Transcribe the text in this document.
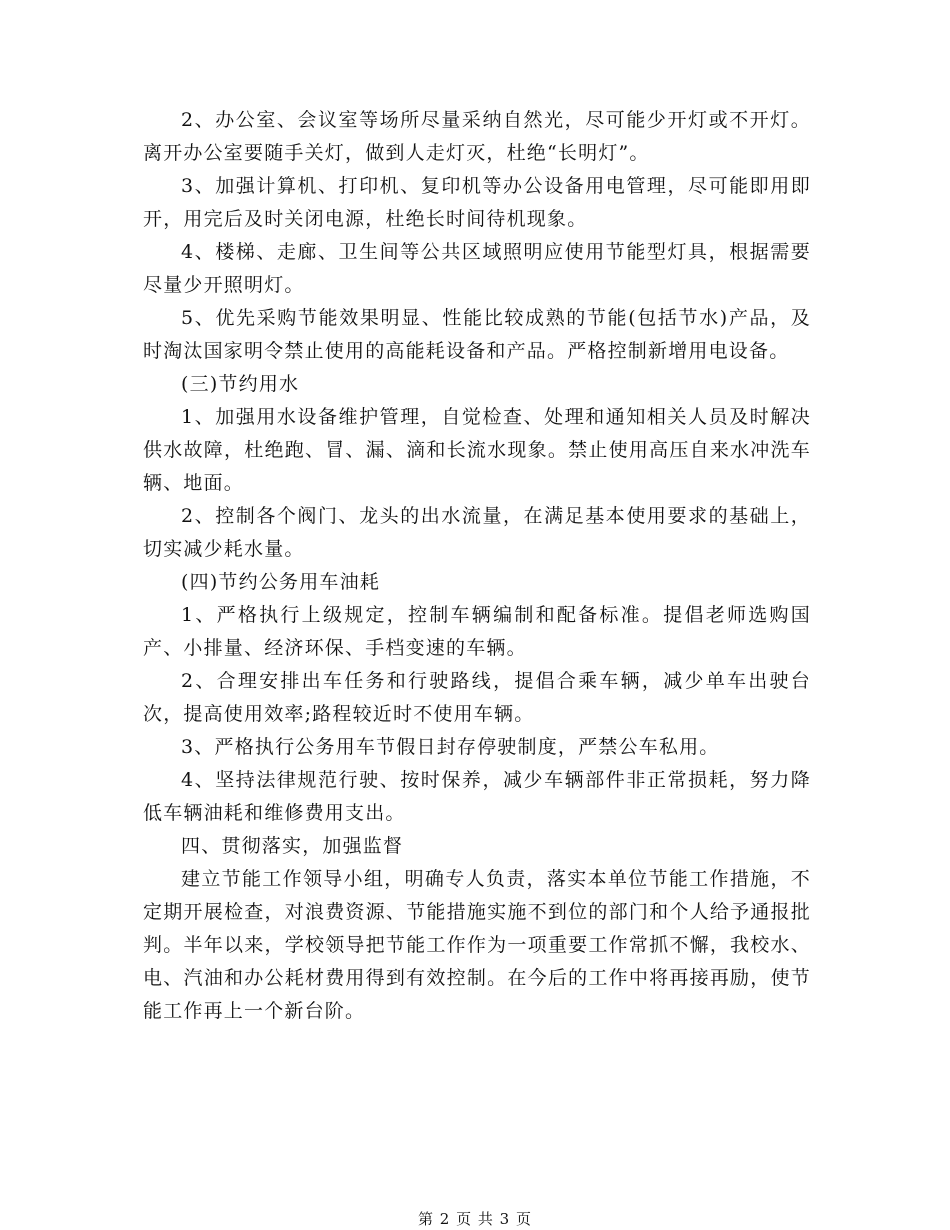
2、办公室、会议室等场所尽量采纳自然光，尽可能少开灯或不开灯。离开办公室要随手关灯，做到人走灯灭，杜绝“长明灯”。

3、加强计算机、打印机、复印机等办公设备用电管理，尽可能即用即开，用完后及时关闭电源，杜绝长时间待机现象。

4、楼梯、走廊、卫生间等公共区域照明应使用节能型灯具，根据需要尽量少开照明灯。

5、优先采购节能效果明显、性能比较成熟的节能(包括节水)产品，及时淘汰国家明令禁止使用的高能耗设备和产品。严格控制新增用电设备。

(三)节约用水

1、加强用水设备维护管理，自觉检查、处理和通知相关人员及时解决供水故障，杜绝跑、冒、漏、滴和长流水现象。禁止使用高压自来水冲洗车辆、地面。

2、控制各个阀门、龙头的出水流量，在满足基本使用要求的基础上，切实减少耗水量。

(四)节约公务用车油耗

1、严格执行上级规定，控制车辆编制和配备标准。提倡老师选购国产、小排量、经济环保、手档变速的车辆。

2、合理安排出车任务和行驶路线，提倡合乘车辆，减少单车出驶台次，提高使用效率;路程较近时不使用车辆。

3、严格执行公务用车节假日封存停驶制度，严禁公车私用。

4、坚持法律规范行驶、按时保养，减少车辆部件非正常损耗，努力降低车辆油耗和维修费用支出。

四、贯彻落实，加强监督

建立节能工作领导小组，明确专人负责，落实本单位节能工作措施，不定期开展检查，对浪费资源、节能措施实施不到位的部门和个人给予通报批判。半年以来，学校领导把节能工作作为一项重要工作常抓不懈，我校水、电、汽油和办公耗材费用得到有效控制。在今后的工作中将再接再励，使节能工作再上一个新台阶。

第 2 页 共 3 页
